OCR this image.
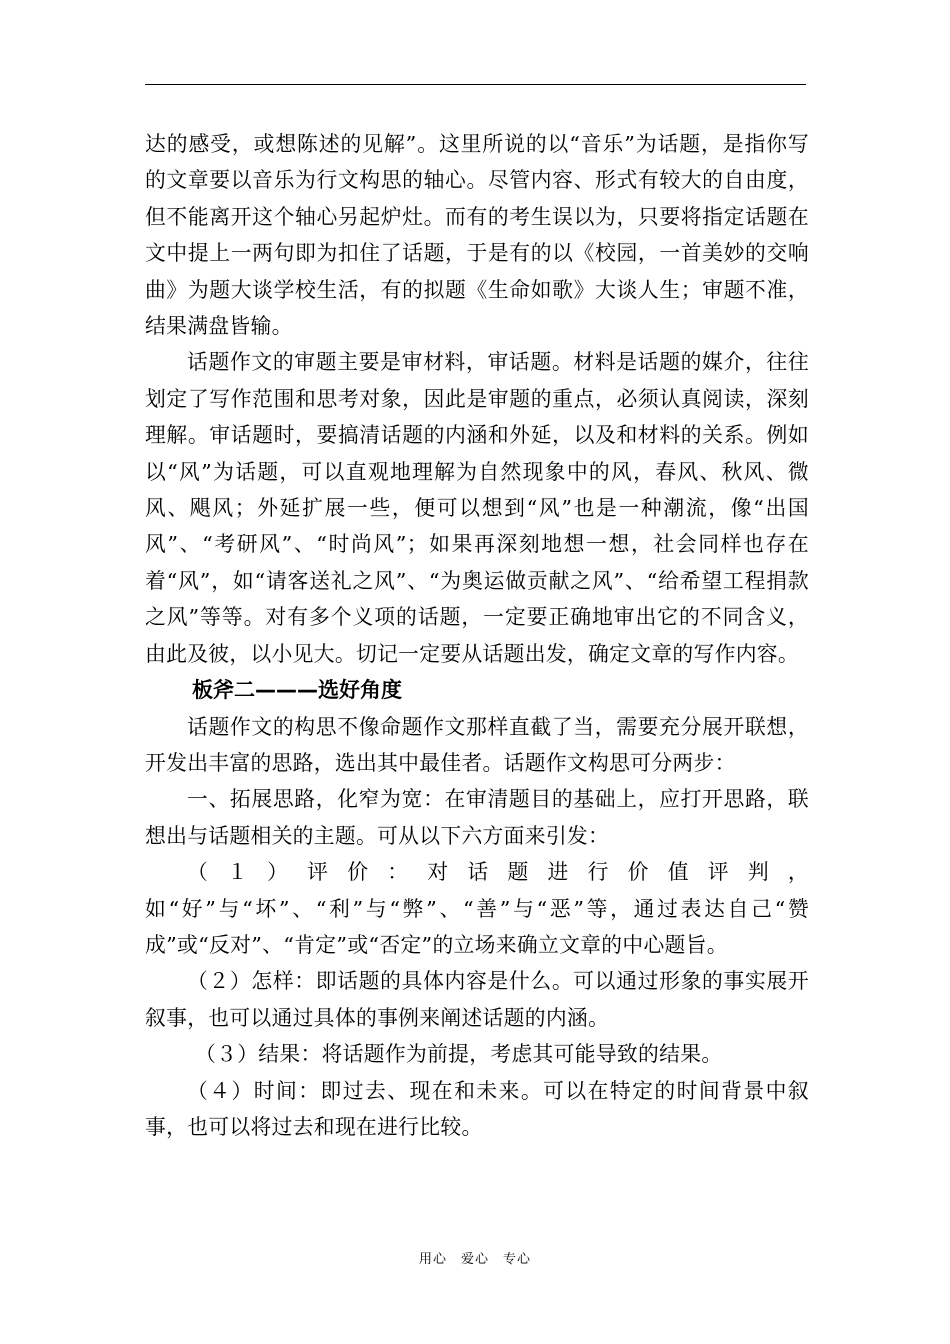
达的感受，或想陈述的见解”。这里所说的以“音乐”为话题，是指你写的文章要以音乐为行文构思的轴心。尽管内容、形式有较大的自由度，但不能离开这个轴心另起炉灶。而有的考生误以为，只要将指定话题在文中提上一两句即为扣住了话题，于是有的以《校园，一首美妙的交响曲》为题大谈学校生活，有的拟题《生命如歌》大谈人生；审题不准，结果满盘皆输。

话题作文的审题主要是审材料，审话题。材料是话题的媒介，往往划定了写作范围和思考对象，因此是审题的重点，必须认真阅读，深刻理解。审话题时，要搞清话题的内涵和外延，以及和材料的关系。例如以“风”为话题，可以直观地理解为自然现象中的风，春风、秋风、微风、飓风；外延扩展一些，便可以想到“风”也是一种潮流，像“出国风”、“考研风”、“时尚风”；如果再深刻地想一想，社会同样也存在着“风”，如“请客送礼之风”、“为奥运做贡献之风”、“给希望工程捐款之风”等等。对有多个义项的话题，一定要正确地审出它的不同含义，由此及彼，以小见大。切记一定要从话题出发，确定文章的写作内容。

板斧二———选好角度

话题作文的构思不像命题作文那样直截了当，需要充分展开联想，开发出丰富的思路，选出其中最佳者。话题作文构思可分两步：

一、拓展思路，化窄为宽：在审清题目的基础上，应打开思路，联想出与话题相关的主题。可从以下六方面来引发：

（１）评价：对话题进行价值评判，如“好”与“坏”、“利”与“弊”、“善”与“恶”等，通过表达自己“赞成”或“反对”、“肯定”或“否定”的立场来确立文章的中心题旨。

（２）怎样：即话题的具体内容是什么。可以通过形象的事实展开叙事，也可以通过具体的事例来阐述话题的内涵。

（３）结果：将话题作为前提，考虑其可能导致的结果。

（４）时间：即过去、现在和未来。可以在特定的时间背景中叙事，也可以将过去和现在进行比较。

用心　爱心　专心
